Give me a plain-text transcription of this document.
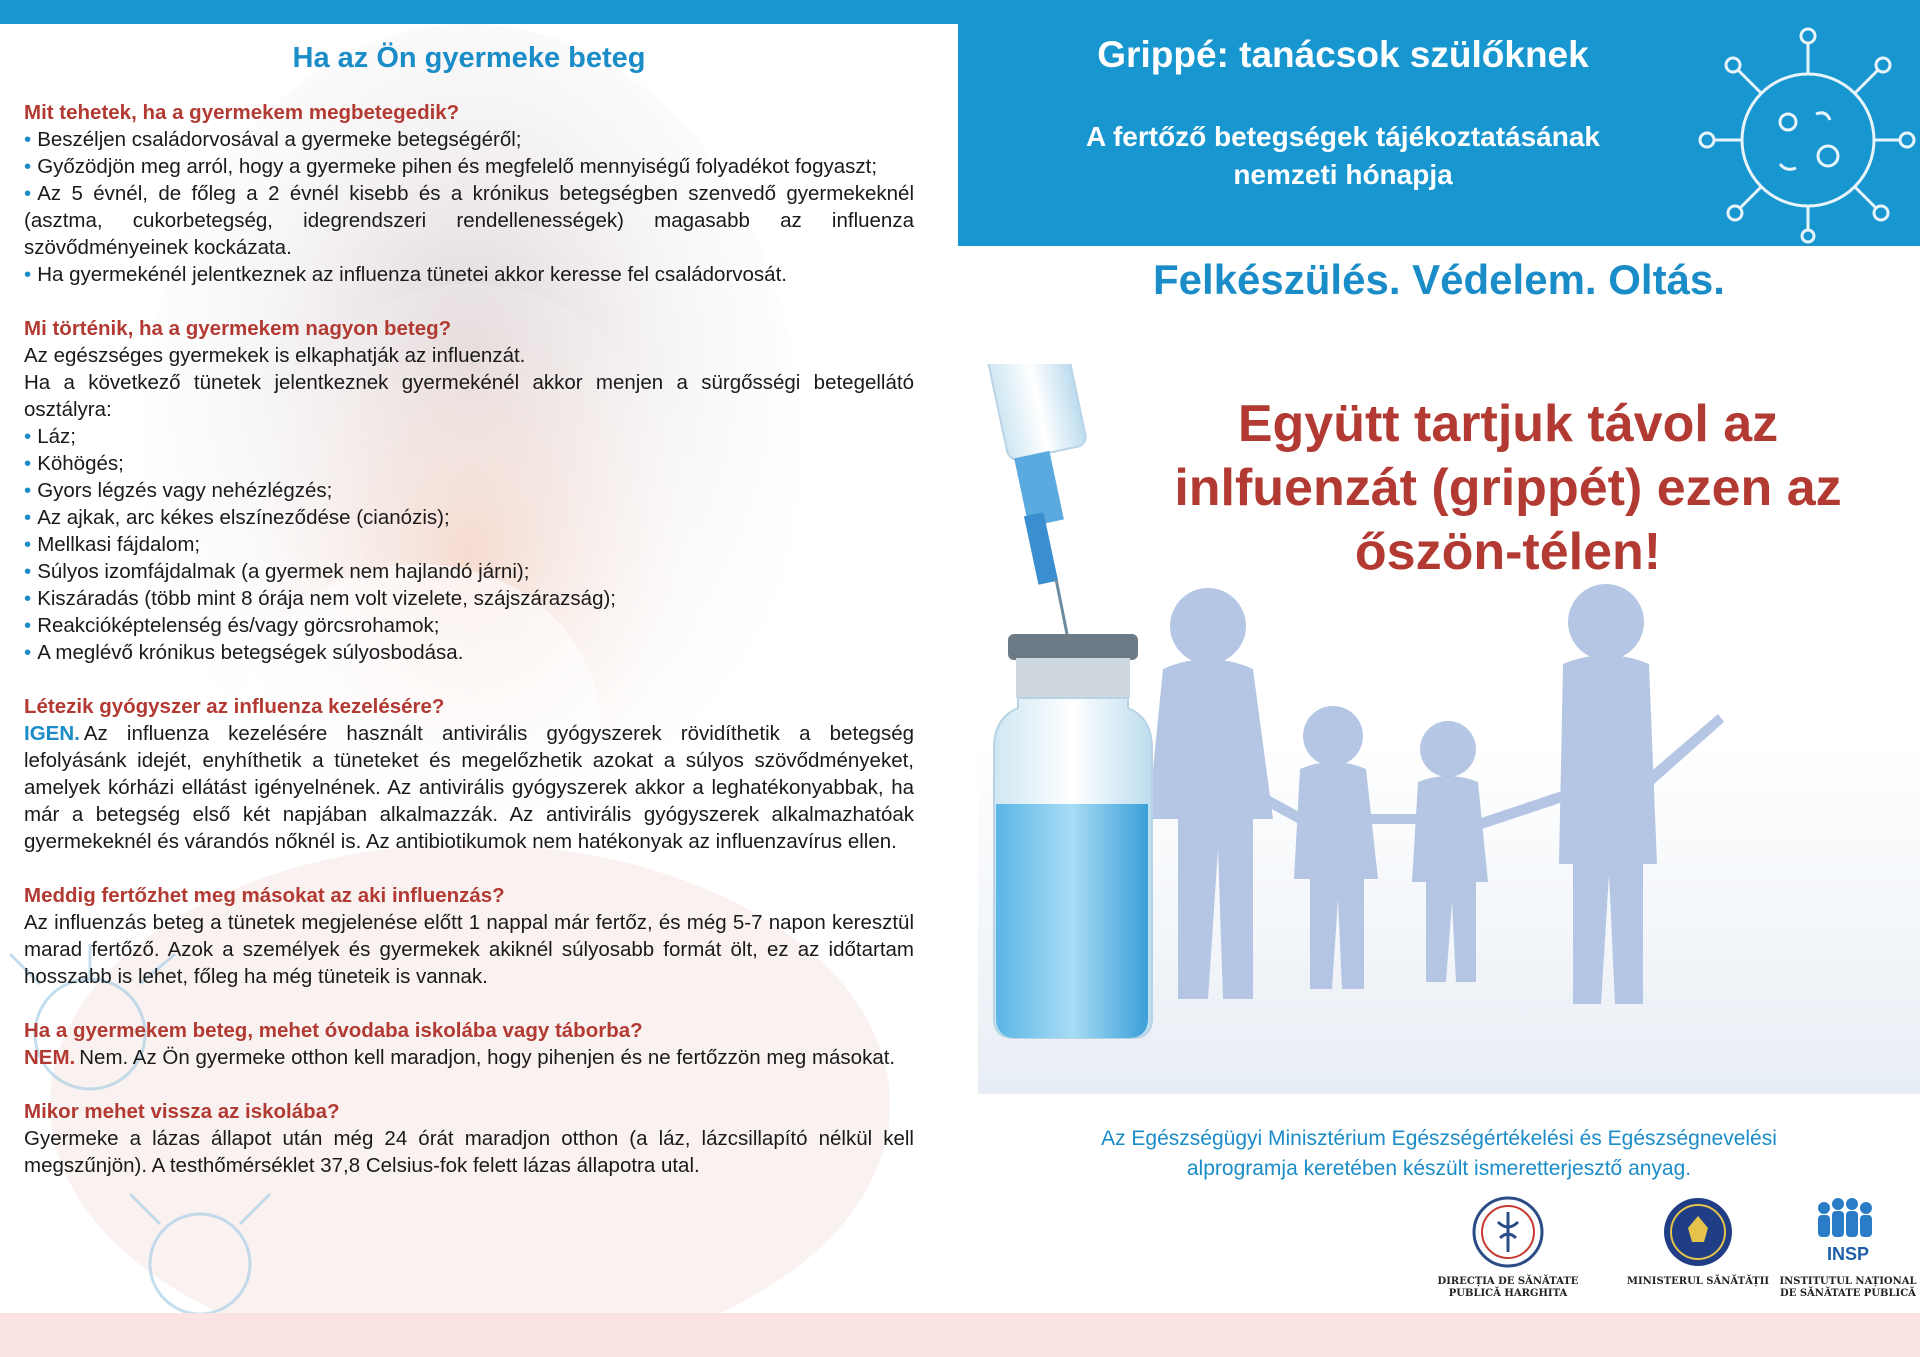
Ha az Ön gyermeke beteg
Mit tehetek, ha a gyermekem megbetegedik?
• Beszéljen családorvosával a gyermeke betegségéről;
• Győzödjön meg arról, hogy a gyermeke pihen és megfelelő mennyiségű folyadékot fogyaszt;
• Az 5 évnél, de főleg a 2 évnél kisebb és a krónikus betegségben szenvedő gyermekeknél (asztma, cukorbetegség, idegrendszeri rendellenességek) magasabb az influenza szövődményeinek kockázata.
• Ha gyermekénél jelentkeznek az influenza tünetei akkor keresse fel családorvosát.
Mi történik, ha a gyermekem nagyon beteg?
Az egészséges gyermekek is elkaphatják az influenzát.
Ha a következő tünetek jelentkeznek gyermekénél akkor menjen a sürgősségi betegellátó osztályra:
• Láz;
• Köhögés;
• Gyors légzés vagy nehézlégzés;
• Az ajkak, arc kékes elszíneződése (cianózis);
• Mellkasi fájdalom;
• Súlyos izomfájdalmak (a gyermek nem hajlandó járni);
• Kiszáradás (több mint 8 órája nem volt vizelete, szájszárazság);
• Reakcióképtelenség és/vagy görcsrohamok;
• A meglévő krónikus betegségek súlyosbodása.
Létezik gyógyszer az influenza kezelésére?
IGEN. Az influenza kezelésére használt antivirális gyógyszerek rövidíthetik a betegség lefolyásánk idejét, enyhíthetik a tüneteket és megelőzhetik azokat a súlyos szövődményeket, amelyek kórházi ellátást igényelnének. Az antivirális gyógyszerek akkor a leghatékonyabbak, ha már a betegség első két napjában alkalmazzák. Az antivirális gyógyszerek alkalmazhatóak gyermekeknél és várandós nőknél is. Az antibiotikumok nem hatékonyak az influenzavírus ellen.
Meddig fertőzhet meg másokat az aki influenzás?
Az influenzás beteg a tünetek megjelenése előtt 1 nappal már fertőz, és még 5-7 napon keresztül marad fertőző. Azok a személyek és gyermekek akiknél súlyosabb formát ölt, ez az időtartam hosszabb is lehet, főleg ha még tüneteik is vannak.
Ha a gyermekem beteg, mehet óvodaba iskolába vagy táborba?
NEM. Nem. Az Ön gyermeke otthon kell maradjon, hogy pihenjen és ne fertőzzön meg másokat.
Mikor mehet vissza az iskolába?
Gyermeke a lázas állapot után még 24 órát maradjon otthon (a láz, lázcsillapító nélkül kell megszűnjön). A testhőmérséklet 37,8 Celsius-fok felett lázas állapotra utal.
Grippé: tanácsok szülőknek
A fertőző betegségek tájékoztatásának
nemzeti hónapja
Felkészülés. Védelem. Oltás.
Együtt tartjuk távol az
inlfuenzát (grippét) ezen az
őszön-télen!
Az Egészségügyi Minisztérium Egészségértékelési és Egészségnevelési
alprogramja keretében készült ismeretterjesztő anyag.
DIRECȚIA DE SĂNĂTATE
PUBLICĂ HARGHITA
MINISTERUL SĂNĂTĂȚII
INSP
INSTITUTUL NAȚIONAL
DE SĂNĂTATE PUBLICĂ
